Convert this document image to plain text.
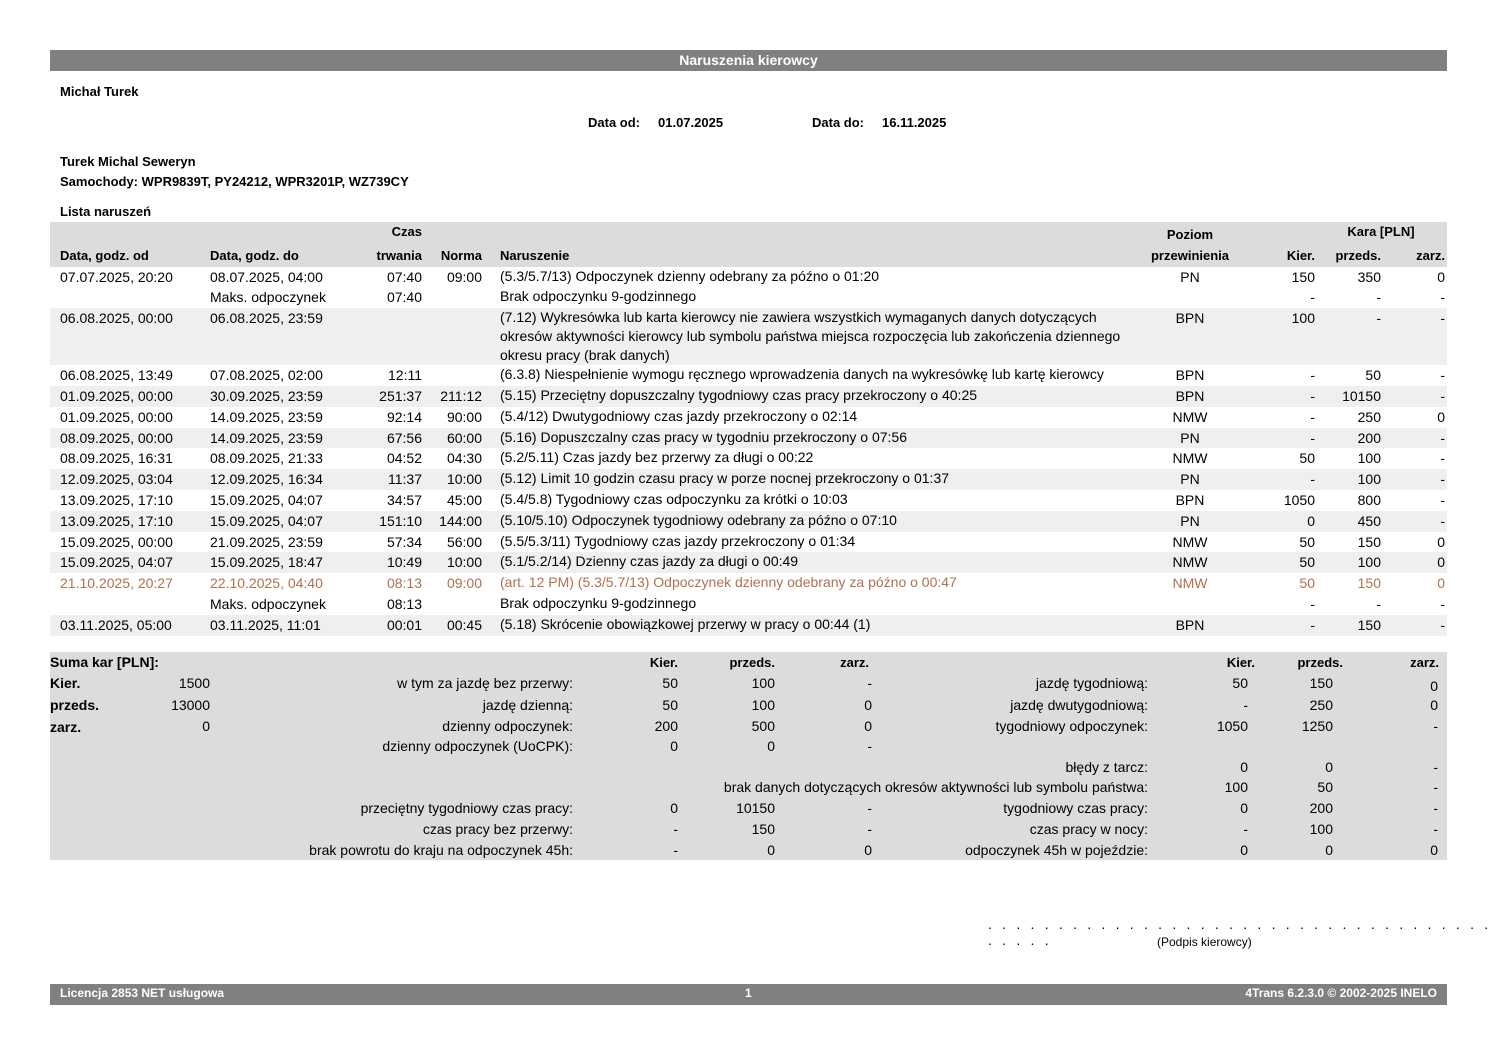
Naruszenia kierowcy
Michał Turek
Data od: 01.07.2025	Data do: 16.11.2025
Turek Michal Seweryn
Samochody: WPR9839T, PY24212, WPR3201P, WZ739CY
Lista naruszeń
		Czas			Poziom		Kara [PLN]	
Data, godz. od	Data, godz. do	trwania	Norma	Naruszenie	przewinienia	Kier.	przeds.	zarz.
07.07.2025, 20:20	08.07.2025, 04:00	07:40	09:00	(5.3/5.7/13) Odpoczynek dzienny odebrany za późno o 01:20	PN	150	350	0
	Maks. odpoczynek	07:40		Brak odpoczynku 9-godzinnego		-	-	-
06.08.2025, 00:00	06.08.2025, 23:59			(7.12) Wykresówka lub karta kierowcy nie zawiera wszystkich wymaganych danych dotyczących okresów aktywności kierowcy lub symbolu państwa miejsca rozpoczęcia lub zakończenia dziennego okresu pracy (brak danych)	BPN	100	-	-
06.08.2025, 13:49	07.08.2025, 02:00	12:11		(6.3.8) Niespełnienie wymogu ręcznego wprowadzenia danych na wykresówkę lub kartę kierowcy	BPN	-	50	-
01.09.2025, 00:00	30.09.2025, 23:59	251:37	211:12	(5.15) Przeciętny dopuszczalny tygodniowy czas pracy przekroczony o 40:25	BPN	-	10150	-
01.09.2025, 00:00	14.09.2025, 23:59	92:14	90:00	(5.4/12) Dwutygodniowy czas jazdy przekroczony o 02:14	NMW	-	250	0
08.09.2025, 00:00	14.09.2025, 23:59	67:56	60:00	(5.16) Dopuszczalny czas pracy w tygodniu przekroczony o 07:56	PN	-	200	-
08.09.2025, 16:31	08.09.2025, 21:33	04:52	04:30	(5.2/5.11) Czas jazdy bez przerwy za długi o 00:22	NMW	50	100	-
12.09.2025, 03:04	12.09.2025, 16:34	11:37	10:00	(5.12) Limit 10 godzin czasu pracy w porze nocnej przekroczony o 01:37	PN	-	100	-
13.09.2025, 17:10	15.09.2025, 04:07	34:57	45:00	(5.4/5.8) Tygodniowy czas odpoczynku za krótki o 10:03	BPN	1050	800	-
13.09.2025, 17:10	15.09.2025, 04:07	151:10	144:00	(5.10/5.10) Odpoczynek tygodniowy odebrany za późno o 07:10	PN	0	450	-
15.09.2025, 00:00	21.09.2025, 23:59	57:34	56:00	(5.5/5.3/11) Tygodniowy czas jazdy przekroczony o 01:34	NMW	50	150	0
15.09.2025, 04:07	15.09.2025, 18:47	10:49	10:00	(5.1/5.2/14) Dzienny czas jazdy za długi o 00:49	NMW	50	100	0
21.10.2025, 20:27	22.10.2025, 04:40	08:13	09:00	(art. 12 PM) (5.3/5.7/13) Odpoczynek dzienny odebrany za późno o 00:47	NMW	50	150	0
	Maks. odpoczynek	08:13		Brak odpoczynku 9-godzinnego		-	-	-
03.11.2025, 05:00	03.11.2025, 11:01	00:01	00:45	(5.18) Skrócenie obowiązkowej przerwy w pracy o 00:44 (1)	BPN	-	150	-
Suma kar [PLN]:
Kier.	1500
przeds.	13000
zarz.	0
Kier.	przeds.	zarz.	Kier.	przeds.	zarz.
w tym za jazdę bez przerwy:	50	100	-
jazdę dzienną:	50	100	0
dzienny odpoczynek:	200	500	0
dzienny odpoczynek (UoCPK):	0	0	-
przeciętny tygodniowy czas pracy:	0	10150	-
czas pracy bez przerwy:	-	150	-
brak powrotu do kraju na odpoczynek 45h:	-	0	0
jazdę tygodniową:	50	150	0
jazdę dwutygodniową:	-	250	0
tygodniowy odpoczynek:	1050	1250	-
błędy z tarcz:	0	0	-
brak danych dotyczących okresów aktywności lub symbolu państwa:	100	50	-
tygodniowy czas pracy:	0	200	-
czas pracy w nocy:	-	100	-
odpoczynek 45h w pojeździe:	0	0	0
. . . . . . . . . . . . . . . . . . . . . . . . . . . . . . . . . . . . . . . . .	(Podpis kierowcy)
Licencja 2853 NET usługowa	1	4Trans 6.2.3.0 © 2002-2025 INELO
